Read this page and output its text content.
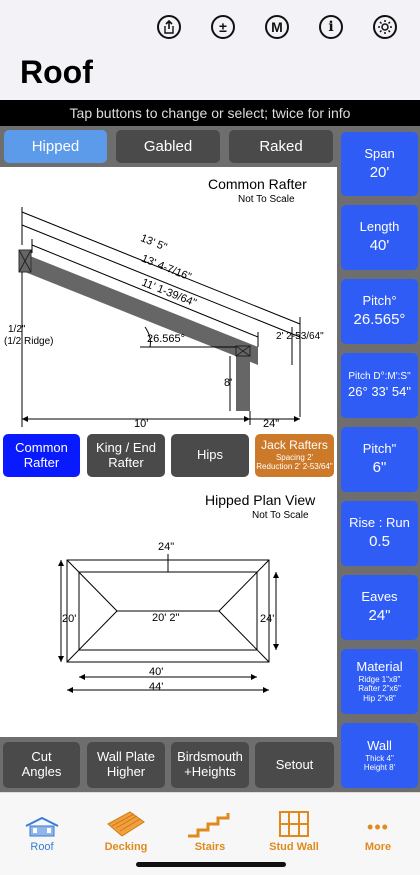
±	M	i
Roof
Tap buttons to change or select; twice for info
Hipped	Gabled	Raked
Common Rafter
Not To Scale
13' 5"
13' 4-7/16"
11' 1-39/64"
1/2"
(1/2 Ridge)	26.565°	2' 2-53/64"
8'
10'	24"
Common
Rafter
King / End
Rafter	Hips
Jack Rafters
Spacing 2'
Reduction 2' 2-53/64"
Hipped Plan View
Not To Scale
24"
20'	24'
20' 2"
40'
44'
Cut
Angles
Wall Plate
Higher
Birdsmouth
+Heights	Setout
Span
20'
Length
40'
Pitch°
26.565°
Pitch D°:M':S"
26° 33' 54"
Pitch"
6"
Rise : Run
0.5
Eaves
24"
Material
Ridge 1"x8"
Rafter 2"x6"
Hip 2"x8"
Wall
Thick 4"
Height 8'
Roof	Decking	Stairs	Stud Wall
•••
More
